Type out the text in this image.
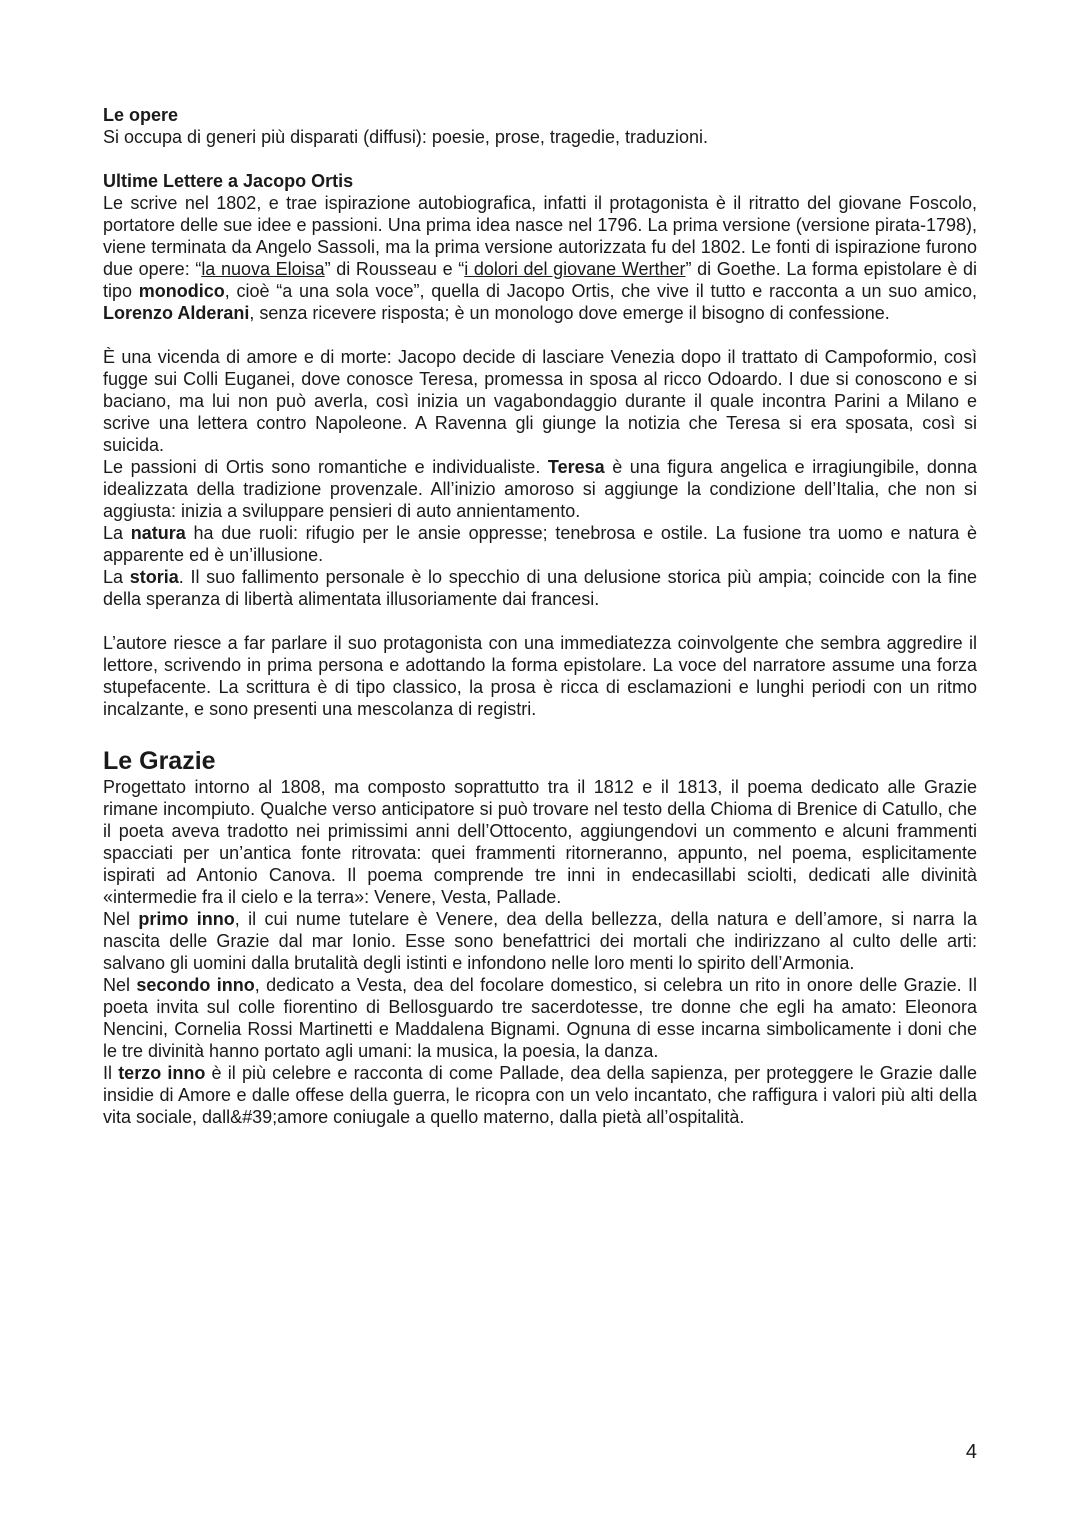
Le opere

Si occupa di generi più disparati (diffusi): poesie, prose, tragedie, traduzioni.

Ultime Lettere a Jacopo Ortis

Le scrive nel 1802, e trae ispirazione autobiografica, infatti il protagonista è il ritratto del giovane Foscolo, portatore delle sue idee e passioni. Una prima idea nasce nel 1796. La prima versione (versione pirata-1798), viene terminata da Angelo Sassoli, ma la prima versione autorizzata fu del 1802. Le fonti di ispirazione furono due opere: “la nuova Eloisa” di Rousseau e “i dolori del giovane Werther” di Goethe. La forma epistolare è di tipo monodico, cioè “a una sola voce”, quella di Jacopo Ortis, che vive il tutto e racconta a un suo amico, Lorenzo Alderani, senza ricevere risposta; è un monologo dove emerge il bisogno di confessione.

È una vicenda di amore e di morte: Jacopo decide di lasciare Venezia dopo il trattato di Campoformio, così fugge sui Colli Euganei, dove conosce Teresa, promessa in sposa al ricco Odoardo. I due si conoscono e si baciano, ma lui non può averla, così inizia un vagabondaggio durante il quale incontra Parini a Milano e scrive una lettera contro Napoleone. A Ravenna gli giunge la notizia che Teresa si era sposata, così si suicida.

Le passioni di Ortis sono romantiche e individualiste. Teresa è una figura angelica e irragiungibile, donna idealizzata della tradizione provenzale. All’inizio amoroso si aggiunge la condizione dell’Italia, che non si aggiusta: inizia a sviluppare pensieri di auto annientamento.

La natura ha due ruoli: rifugio per le ansie oppresse; tenebrosa e ostile. La fusione tra uomo e natura è apparente ed è un’illusione.

La storia. Il suo fallimento personale è lo specchio di una delusione storica più ampia; coincide con la fine della speranza di libertà alimentata illusoriamente dai francesi.

L’autore riesce a far parlare il suo protagonista con una immediatezza coinvolgente che sembra aggredire il lettore, scrivendo in prima persona e adottando la forma epistolare. La voce del narratore assume una forza stupefacente. La scrittura è di tipo classico, la prosa è ricca di esclamazioni e lunghi periodi con un ritmo incalzante, e sono presenti una mescolanza di registri.

Le Grazie

Progettato intorno al 1808, ma composto soprattutto tra il 1812 e il 1813, il poema dedicato alle Grazie rimane incompiuto. Qualche verso anticipatore si può trovare nel testo della Chioma di Brenice di Catullo, che il poeta aveva tradotto nei primissimi anni dell’Ottocento, aggiungendovi un commento e alcuni frammenti spacciati per un’antica fonte ritrovata: quei frammenti ritorneranno, appunto, nel poema, esplicitamente ispirati ad Antonio Canova. Il poema comprende tre inni in endecasillabi sciolti, dedicati alle divinità «intermedie fra il cielo e la terra»: Venere, Vesta, Pallade.

Nel primo inno, il cui nume tutelare è Venere, dea della bellezza, della natura e dell’amore, si narra la nascita delle Grazie dal mar Ionio. Esse sono benefattrici dei mortali che indirizzano al culto delle arti: salvano gli uomini dalla brutalità degli istinti e infondono nelle loro menti lo spirito dell’Armonia.

Nel secondo inno, dedicato a Vesta, dea del focolare domestico, si celebra un rito in onore delle Grazie. Il poeta invita sul colle fiorentino di Bellosguardo tre sacerdotesse, tre donne che egli ha amato: Eleonora Nencini, Cornelia Rossi Martinetti e Maddalena Bignami. Ognuna di esse incarna simbolicamente i doni che le tre divinità hanno portato agli umani: la musica, la poesia, la danza.

Il terzo inno è il più celebre e racconta di come Pallade, dea della sapienza, per proteggere le Grazie dalle insidie di Amore e dalle offese della guerra, le ricopra con un velo incantato, che raffigura i valori più alti della vita sociale, dall&#39;amore coniugale a quello materno, dalla pietà all’ospitalità.

4
